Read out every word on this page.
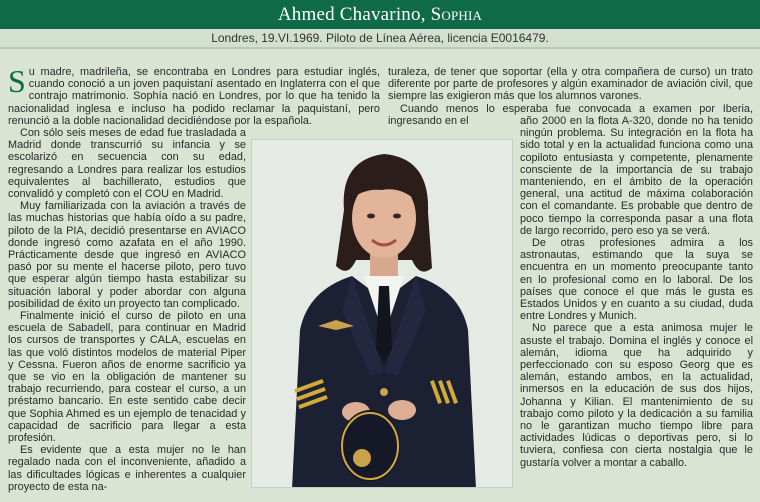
Ahmed Chavarino, Sophia
Londres, 19.VI.1969. Piloto de Línea Aérea, licencia E0016479.

Su madre, madrileña, se encontraba en Londres para estudiar inglés, cuando conoció a un joven paquistaní asentado en Inglaterra con el que contrajo matrimonio. Sophía nació en Londres, por lo que ha tenido la nacionalidad inglesa e incluso ha podido reclamar la paquistaní, pero renunció a la doble nacionalidad decidiéndose por la española.

Con sólo seis meses de edad fue trasladada a Madrid donde transcurrió su infancia y se escolarizó en secuencia con su edad, regresando a Londres para realizar los estudios equivalentes al bachillerato, estudios que convalidó y completó con el COU en Madrid.

Muy familiarizada con la aviación a través de las muchas historias que había oído a su padre, piloto de la PIA, decidió presentarse en AVIACO donde ingresó como azafata en el año 1990. Prácticamente desde que ingresó en AVIACO pasó por su mente el hacerse piloto, pero tuvo que esperar algún tiempo hasta estabilizar su situación laboral y poder abordar con alguna posibilidad de éxito un proyecto tan complicado.

Finalmente inició el curso de piloto en una escuela de Sabadell, para continuar en Madrid los cursos de transportes y CALA, escuelas en las que voló distintos modelos de material Piper y Cessna. Fueron años de enorme sacrificio ya que se vio en la obligación de mantener su trabajo recurriendo, para costear el curso, a un préstamo bancario. En este sentido cabe decir que Sophia Ahmed es un ejemplo de tenacidad y capacidad de sacrificio para llegar a esta profesión.

Es evidente que a esta mujer no le han regalado nada con el inconveniente, añadido a las dificultades lógicas e inherentes a cualquier proyecto de esta na-

turaleza, de tener que soportar (ella y otra compañera de curso) un trato diferente por parte de profesores y algún examinador de aviación civil, que siempre las exigieron más que los alumnos varones.

Cuando menos lo esperaba fue convocada a examen por Iberia, ingresando en el	año 2000 en la flota A-320, donde no ha tenido ningún problema. Su integración en la flota ha sido total y en la actualidad funciona como una copiloto entusiasta y competente, plenamente consciente de la importancia de su trabajo manteniendo, en el ámbito de la operación general, una actitud de máxima colaboración con el comandante. Es probable que dentro de poco tiempo la corresponda pasar a una flota de largo recorrido, pero eso ya se verá.

De otras profesiones admira a los astronautas, estimando que la suya se encuentra en un momento preocupante tanto en lo profesional como en lo laboral. De los países que conoce el que más le gusta es Estados Unidos y en cuanto a su ciudad, duda entre Londres y Munich.

No parece que a esta animosa mujer le asuste el trabajo. Domina el inglés y conoce el alemán, idioma que ha adquirido y perfeccionado con su esposo Georg que es alemán, estando ambos, en la actualidad, inmersos en la educación de sus dos hijos, Johanna y Kilian. El mantenimiento de su trabajo como piloto y la dedicación a su familia no le garantizan mucho tiempo libre para actividades lúdicas o deportivas pero, si lo tuviera, confiesa con cierta nostalgia que le gustaría volver a montar a caballo.
